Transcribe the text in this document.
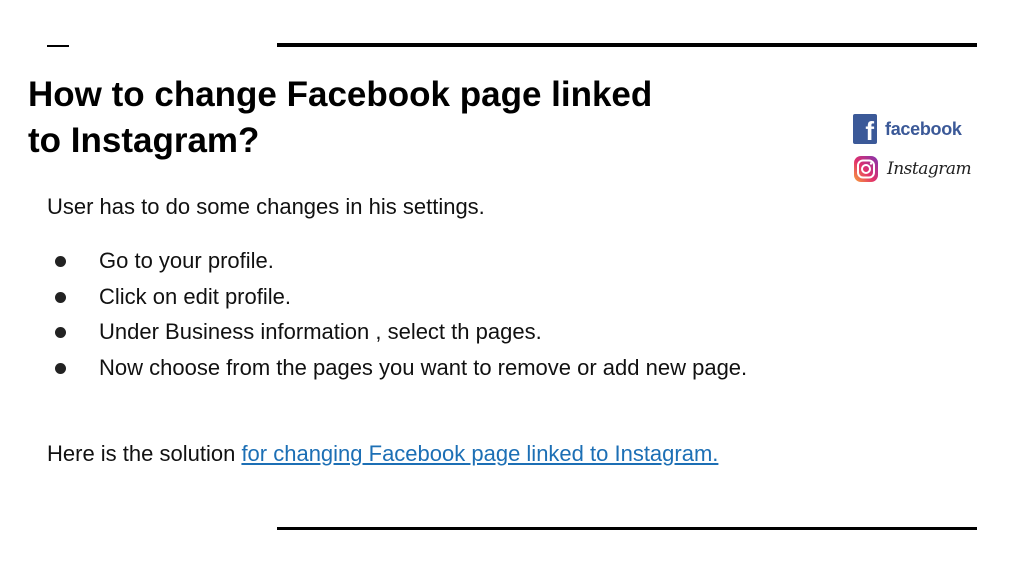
How to change Facebook page linked to Instagram?

User has to do some changes in his settings.

Go to your profile.
Click on edit profile.
Under Business information , select th pages.
Now choose from the pages you want to remove or add new page.

Here is the solution for changing Facebook page linked to Instagram.

f facebook
Instagram
